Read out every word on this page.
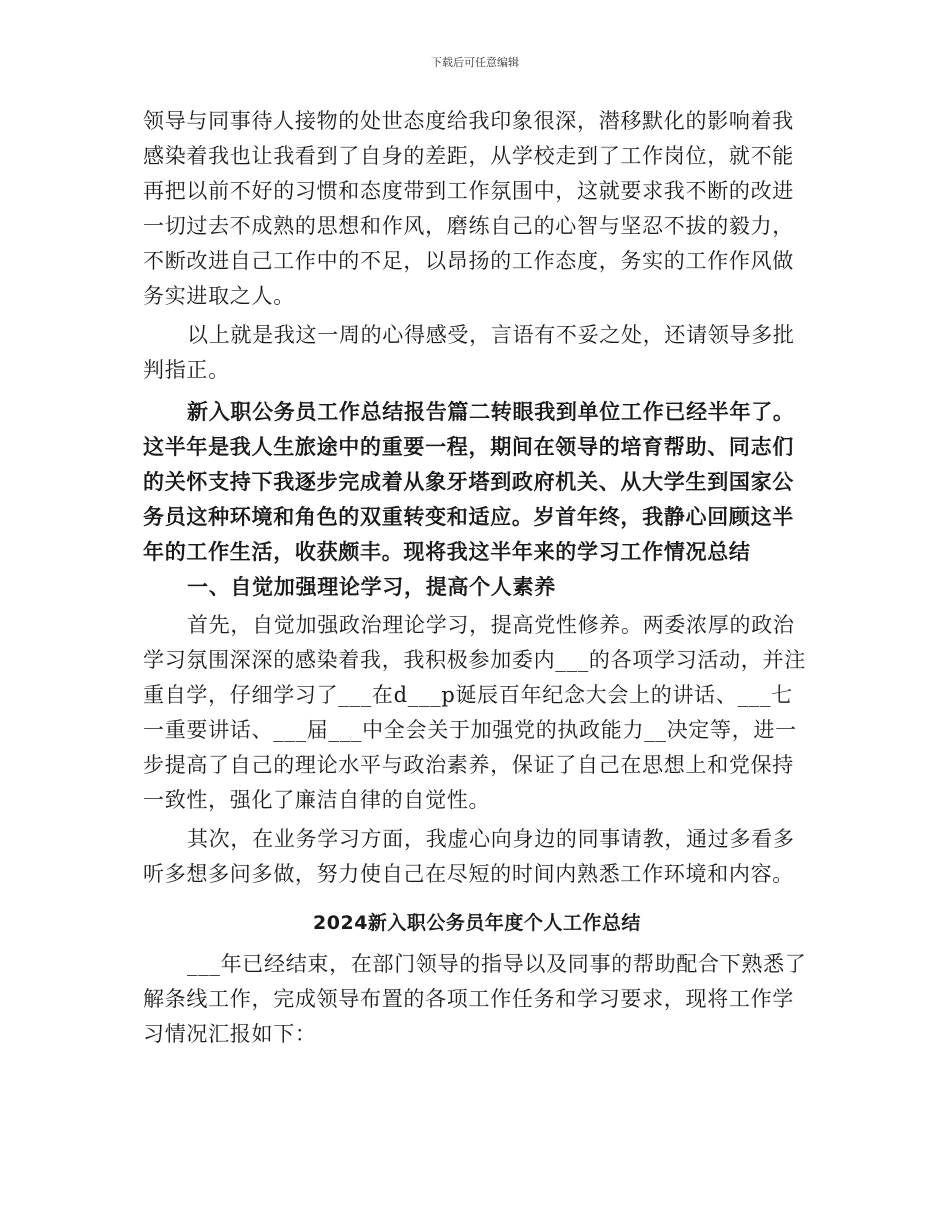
下载后可任意编辑

领导与同事待人接物的处世态度给我印象很深，潜移默化的影响着我
感染着我也让我看到了自身的差距，从学校走到了工作岗位，就不能
再把以前不好的习惯和态度带到工作氛围中，这就要求我不断的改进
一切过去不成熟的思想和作风，磨练自己的心智与坚忍不拔的毅力，
不断改进自己工作中的不足，以昂扬的工作态度，务实的工作作风做
务实进取之人。

以上就是我这一周的心得感受，言语有不妥之处，还请领导多批
判指正。

新入职公务员工作总结报告篇二转眼我到单位工作已经半年了。
这半年是我人生旅途中的重要一程，期间在领导的培育帮助、同志们
的关怀支持下我逐步完成着从象牙塔到政府机关、从大学生到国家公
务员这种环境和角色的双重转变和适应。岁首年终，我静心回顾这半
年的工作生活，收获颇丰。现将我这半年来的学习工作情况总结

一、自觉加强理论学习，提高个人素养

首先，自觉加强政治理论学习，提高党性修养。两委浓厚的政治
学习氛围深深的感染着我，我积极参加委内___的各项学习活动，并注
重自学，仔细学习了___在d___p诞辰百年纪念大会上的讲话、___七
一重要讲话、___届___中全会关于加强党的执政能力__决定等，进一
步提高了自己的理论水平与政治素养，保证了自己在思想上和党保持
一致性，强化了廉洁自律的自觉性。

其次，在业务学习方面，我虚心向身边的同事请教，通过多看多
听多想多问多做，努力使自己在尽短的时间内熟悉工作环境和内容。

2024新入职公务员年度个人工作总结

___年已经结束，在部门领导的指导以及同事的帮助配合下熟悉了
解条线工作，完成领导布置的各项工作任务和学习要求，现将工作学
习情况汇报如下：
